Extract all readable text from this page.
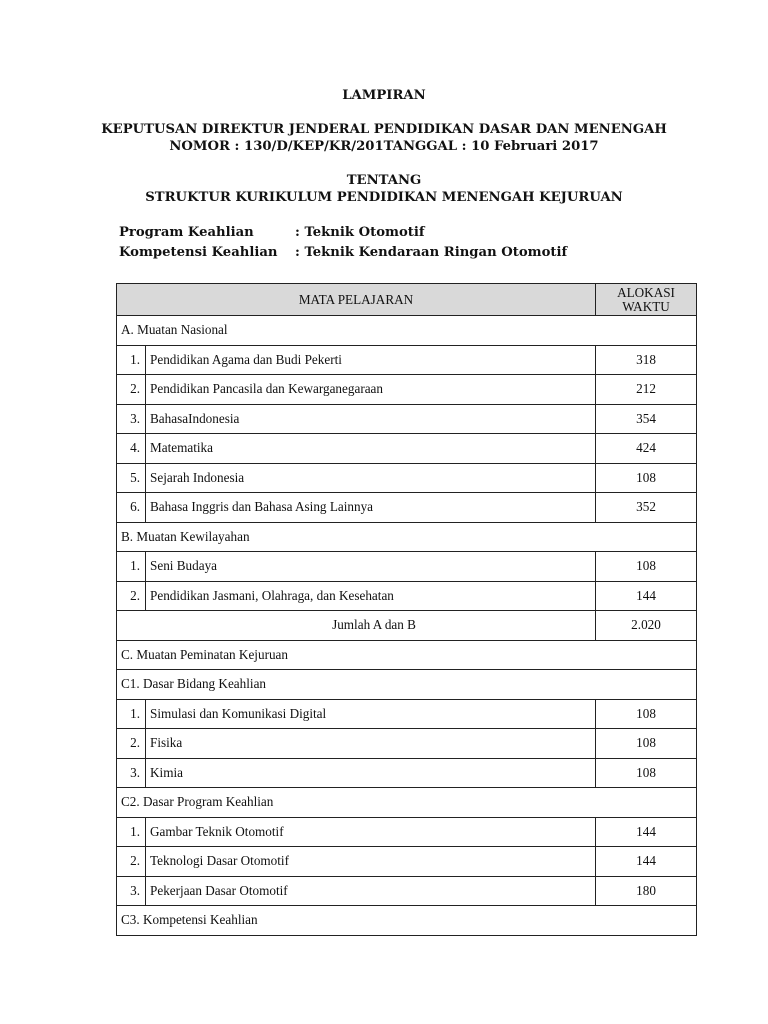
LAMPIRAN
KEPUTUSAN DIREKTUR JENDERAL PENDIDIKAN DASAR DAN MENENGAH
NOMOR : 130/D/KEP/KR/201TANGGAL : 10 Februari 2017
TENTANG
STRUKTUR KURIKULUM PENDIDIKAN MENENGAH KEJURUAN
Program Keahlian	: Teknik Otomotif
Kompetensi Keahlian : Teknik Kendaraan Ringan Otomotif
MATA PELAJARAN		ALOKASI WAKTU
A. Muatan Nasional		
1.	Pendidikan Agama dan Budi Pekerti	318
2.	Pendidikan Pancasila dan Kewarganegaraan	212
3.	BahasaIndonesia	354
4.	Matematika	424
5.	Sejarah Indonesia	108
6.	Bahasa Inggris dan Bahasa Asing Lainnya	352
B. Muatan Kewilayahan		
1.	Seni Budaya	108
2.	Pendidikan Jasmani, Olahraga, dan Kesehatan	144
Jumlah A dan B		2.020
C. Muatan Peminatan Kejuruan		
C1. Dasar Bidang Keahlian		
1.	Simulasi dan Komunikasi Digital	108
2.	Fisika	108
3.	Kimia	108
C2. Dasar Program Keahlian		
1.	Gambar Teknik Otomotif	144
2.	Teknologi Dasar Otomotif	144
3.	Pekerjaan Dasar Otomotif	180
C3. Kompetensi Keahlian		
